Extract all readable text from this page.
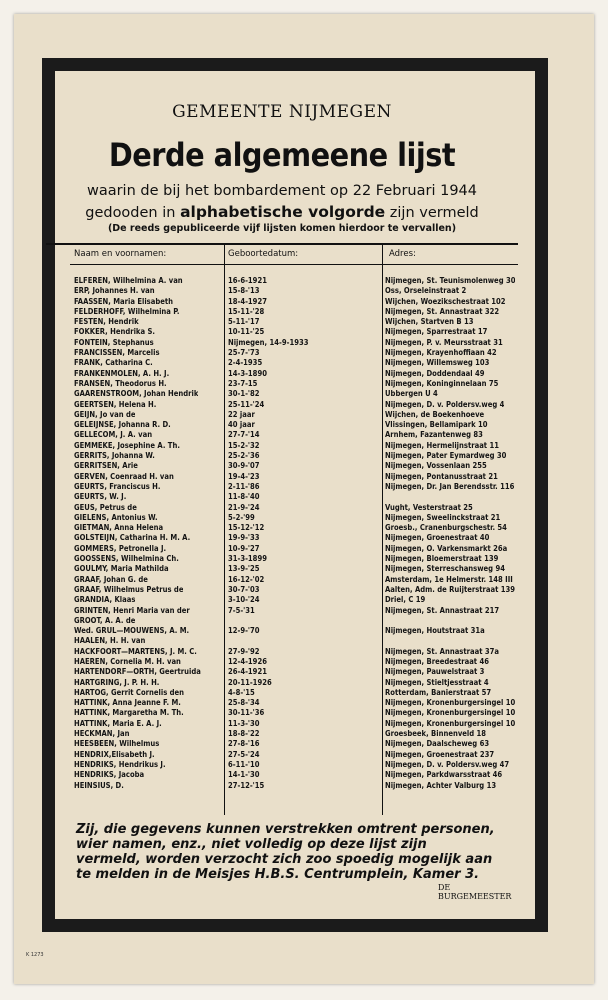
GEMEENTE NIJMEGEN
Derde algemeene lijst
waarin de bij het bombardement op 22 Februari 1944
gedooden in alphabetische volgorde zijn vermeld
(De reeds gepubliceerde vijf lijsten komen hierdoor te vervallen)
Naam en voornamen:	Geboortedatum:	Adres:
ELFEREN, Wilhelmina A. van	16-6-1921	Nijmegen, St. Teunismolenweg 30
ERP, Johannes H. van	15-8-'13	Oss, Orseleinstraat 2
FAASSEN, Maria Elisabeth	18-4-1927	Wijchen, Woezikschestraat 102
FELDERHOFF, Wilhelmina P.	15-11-'28	Nijmegen, St. Annastraat 322
FESTEN, Hendrik	5-11-'17	Wijchen, Startven B 13
FOKKER, Hendrika S.	10-11-'25	Nijmegen, Sparrestraat 17
FONTEIN, Stephanus	Nijmegen, 14-9-1933	Nijmegen, P. v. Meursstraat 31
FRANCISSEN, Marcelis	25-7-'73	Nijmegen, Krayenhoffiaan 42
FRANK, Catharina C.	2-4-1935	Nijmegen, Willemsweg 103
FRANKENMOLEN, A. H. J.	14-3-1890	Nijmegen, Doddendaal 49
FRANSEN, Theodorus H.	23-7-15	Nijmegen, Koninginnelaan 75
GAARENSTROOM, Johan Hendrik	30-1-'82	Ubbergen U 4
GEERTSEN, Helena H.	25-11-'24	Nijmegen, D. v. Poldersv.weg 4
GEIJN, Jo van de	22 jaar	Wijchen, de Boekenhoeve
GELEIJNSE, Johanna R. D.	40 jaar	Vlissingen, Bellamipark 10
GELLECOM, J. A. van	27-7-'14	Arnhem, Fazantenweg 83
GEMMEKE, Josephine A. Th.	15-2-'32	Nijmegen, Hermelijnstraat 11
GERRITS, Johanna W.	25-2-'36	Nijmegen, Pater Eymardweg 30
GERRITSEN, Arie	30-9-'07	Nijmegen, Vossenlaan 255
GERVEN, Coenraad H. van	19-4-'23	Nijmegen, Pontanusstraat 21
GEURTS, Franciscus H.	2-11-'86	Nijmegen, Dr. Jan Berendsstr. 116
GEURTS, W. J.	11-8-'40
GEUS, Petrus de	21-9-'24	Vught, Vesterstraat 25
GIELENS, Antonius W.	5-2-'99	Nijmegen, Sweelinckstraat 21
GIETMAN, Anna Helena	15-12-'12	Groesb., Cranenburgschestr. 54
GOLSTEIJN, Catharina H. M. A.	19-9-'33	Nijmegen, Groenestraat 40
GOMMERS, Petronella J.	10-9-'27	Nijmegen, O. Varkensmarkt 26a
GOOSSENS, Wilhelmina Ch.	31-3-1899	Nijmegen, Bloemerstraat 139
GOULMY, Maria Mathilda	13-9-'25	Nijmegen, Sterreschansweg 94
GRAAF, Johan G. de	16-12-'02	Amsterdam, 1e Helmerstr. 148 III
GRAAF, Wilhelmus Petrus de	30-7-'03	Aalten, Adm. de Ruijterstraat 139
GRANDIA, Klaas	3-10-'24	Driel, C 19
GRINTEN, Henri Maria van der	7-5-'31	Nijmegen, St. Annastraat 217
GROOT, A. A. de
Wed. GRUL—MOUWENS, A. M.	12-9-'70	Nijmegen, Houtstraat 31a
HAALEN, H. H. van
HACKFOORT—MARTENS, J. M. C.	27-9-'92	Nijmegen, St. Annastraat 37a
HAEREN, Cornelia M. H. van	12-4-1926	Nijmegen, Breedestraat 46
HARTENDORF—ORTH, Geertruida	26-4-1921	Nijmegen, Pauwelstraat 3
HARTGRING, J. P. H. H.	20-11-1926	Nijmegen, Stieltjesstraat 4
HARTOG, Gerrit Cornelis den	4-8-'15	Rotterdam, Banierstraat 57
HATTINK, Anna Jeanne F. M.	25-8-'34	Nijmegen, Kronenburgersingel 10
HATTINK, Margaretha M. Th.	30-11-'36	Nijmegen, Kronenburgersingel 10
HATTINK, Maria E. A. J.	11-3-'30	Nijmegen, Kronenburgersingel 10
HECKMAN, Jan	18-8-'22	Groesbeek, Binnenveld 18
HEESBEEN, Wilhelmus	27-8-'16	Nijmegen, Daalscheweg 63
HENDRIX,Elisabeth J.	27-5-'24	Nijmegen, Groenestraat 237
HENDRIKS, Hendrikus J.	6-11-'10	Nijmegen, D. v. Poldersv.weg 47
HENDRIKS, Jacoba	14-1-'30	Nijmegen, Parkdwarsstraat 46
HEINSIUS, D.	27-12-'15	Nijmegen, Achter Valburg 13
Zij, die gegevens kunnen verstrekken omtrent personen, wier namen, enz., niet volledig op deze lijst zijn vermeld, worden verzocht zich zoo spoedig mogelijk aan te melden in de Meisjes H.B.S. Centrumplein, Kamer 3.
DE BURGEMEESTER
K 1273
